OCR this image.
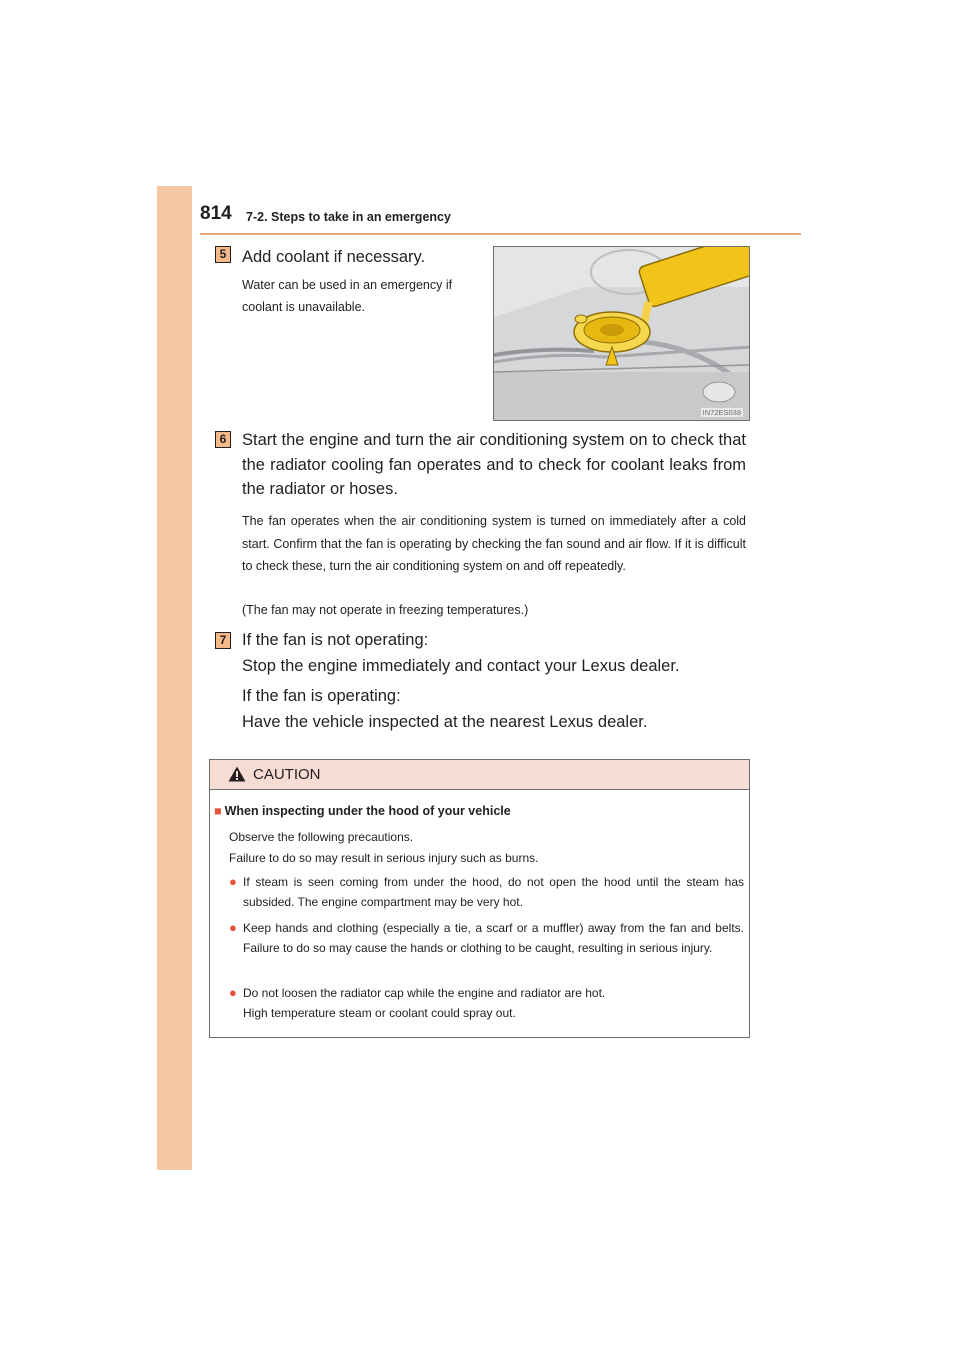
814 7-2. Steps to take in an emergency
5 Add coolant if necessary.
Water can be used in an emergency if coolant is unavailable.
IN72ES038
6 Start the engine and turn the air conditioning system on to check that the radiator cooling fan operates and to check for coolant leaks from the radiator or hoses.
The fan operates when the air conditioning system is turned on immediately after a cold start. Confirm that the fan is operating by checking the fan sound and air flow. If it is difficult to check these, turn the air conditioning system on and off repeatedly.
(The fan may not operate in freezing temperatures.)
7 If the fan is not operating:
Stop the engine immediately and contact your Lexus dealer.
If the fan is operating:
Have the vehicle inspected at the nearest Lexus dealer.
CAUTION
■ When inspecting under the hood of your vehicle
Observe the following precautions.
Failure to do so may result in serious injury such as burns.
● If steam is seen coming from under the hood, do not open the hood until the steam has subsided. The engine compartment may be very hot.
● Keep hands and clothing (especially a tie, a scarf or a muffler) away from the fan and belts. Failure to do so may cause the hands or clothing to be caught, resulting in serious injury.
● Do not loosen the radiator cap while the engine and radiator are hot.
High temperature steam or coolant could spray out.
